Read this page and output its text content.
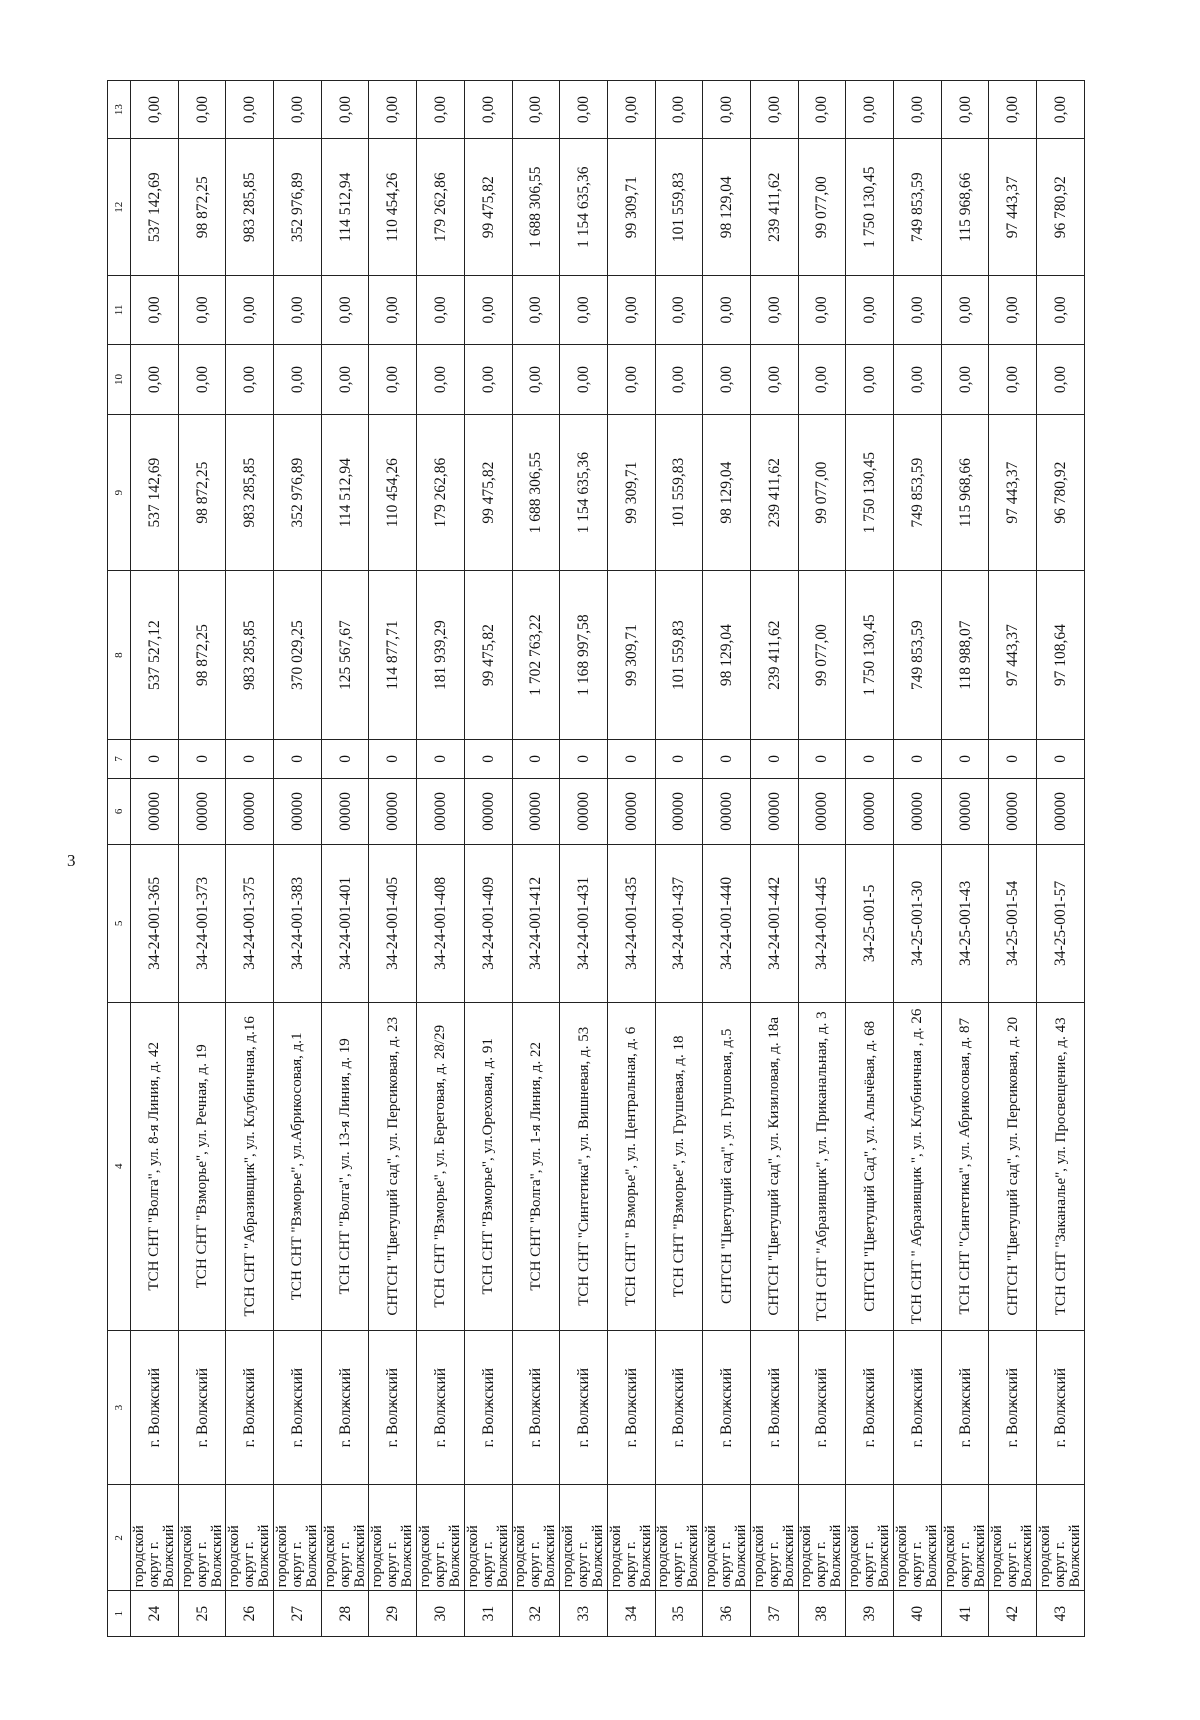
3
1	2	3	4	5	6	7	8	9	10	11	12	13
24	городской округ г. Волжский	г. Волжский	ТСН СНТ "Волга", ул. 8-я Линия, д. 42	34-24-001-365	00000	0	537 527,12	537 142,69	0,00	0,00	537 142,69	0,00
25	городской округ г. Волжский	г. Волжский	ТСН СНТ "Взморье", ул. Речная, д. 19	34-24-001-373	00000	0	98 872,25	98 872,25	0,00	0,00	98 872,25	0,00
26	городской округ г. Волжский	г. Волжский	ТСН СНТ "Абразивщик", ул. Клубничная, д.16	34-24-001-375	00000	0	983 285,85	983 285,85	0,00	0,00	983 285,85	0,00
27	городской округ г. Волжский	г. Волжский	ТСН СНТ "Взморье", ул.Абрикосовая, д.1	34-24-001-383	00000	0	370 029,25	352 976,89	0,00	0,00	352 976,89	0,00
28	городской округ г. Волжский	г. Волжский	ТСН СНТ "Волга", ул. 13-я Линия, д. 19	34-24-001-401	00000	0	125 567,67	114 512,94	0,00	0,00	114 512,94	0,00
29	городской округ г. Волжский	г. Волжский	СНТСН "Цветущий сад", ул. Персиковая, д. 23	34-24-001-405	00000	0	114 877,71	110 454,26	0,00	0,00	110 454,26	0,00
30	городской округ г. Волжский	г. Волжский	ТСН СНТ "Взморье", ул. Береговая, д. 28/29	34-24-001-408	00000	0	181 939,29	179 262,86	0,00	0,00	179 262,86	0,00
31	городской округ г. Волжский	г. Волжский	ТСН СНТ "Взморье", ул.Ореховая, д. 91	34-24-001-409	00000	0	99 475,82	99 475,82	0,00	0,00	99 475,82	0,00
32	городской округ г. Волжский	г. Волжский	ТСН СНТ "Волга", ул. 1-я Линия, д. 22	34-24-001-412	00000	0	1 702 763,22	1 688 306,55	0,00	0,00	1 688 306,55	0,00
33	городской округ г. Волжский	г. Волжский	ТСН СНТ "Синтетика", ул. Вишневая, д. 53	34-24-001-431	00000	0	1 168 997,58	1 154 635,36	0,00	0,00	1 154 635,36	0,00
34	городской округ г. Волжский	г. Волжский	ТСН СНТ " Взморье", ул. Центральная, д. 6	34-24-001-435	00000	0	99 309,71	99 309,71	0,00	0,00	99 309,71	0,00
35	городской округ г. Волжский	г. Волжский	ТСН СНТ "Взморье", ул. Грушевая, д. 18	34-24-001-437	00000	0	101 559,83	101 559,83	0,00	0,00	101 559,83	0,00
36	городской округ г. Волжский	г. Волжский	СНТСН "Цветущий сад", ул. Грушовая, д.5	34-24-001-440	00000	0	98 129,04	98 129,04	0,00	0,00	98 129,04	0,00
37	городской округ г. Волжский	г. Волжский	СНТСН "Цветущий сад", ул. Кизиловая, д. 18а	34-24-001-442	00000	0	239 411,62	239 411,62	0,00	0,00	239 411,62	0,00
38	городской округ г. Волжский	г. Волжский	ТСН СНТ "Абразивщик", ул. Приканальная, д. 3	34-24-001-445	00000	0	99 077,00	99 077,00	0,00	0,00	99 077,00	0,00
39	городской округ г. Волжский	г. Волжский	СНТСН "Цветущий Сад", ул. Алычёвая, д. 68	34-25-001-5	00000	0	1 750 130,45	1 750 130,45	0,00	0,00	1 750 130,45	0,00
40	городской округ г. Волжский	г. Волжский	ТСН СНТ " Абразивщик ", ул. Клубничная , д. 26	34-25-001-30	00000	0	749 853,59	749 853,59	0,00	0,00	749 853,59	0,00
41	городской округ г. Волжский	г. Волжский	ТСН СНТ "Синтетика", ул. Абрикосовая, д. 87	34-25-001-43	00000	0	118 988,07	115 968,66	0,00	0,00	115 968,66	0,00
42	городской округ г. Волжский	г. Волжский	СНТСН "Цветущий сад", ул. Персиковая, д. 20	34-25-001-54	00000	0	97 443,37	97 443,37	0,00	0,00	97 443,37	0,00
43	городской округ г. Волжский	г. Волжский	ТСН СНТ "Заканалье", ул. Просвещение, д. 43	34-25-001-57	00000	0	97 108,64	96 780,92	0,00	0,00	96 780,92	0,00
